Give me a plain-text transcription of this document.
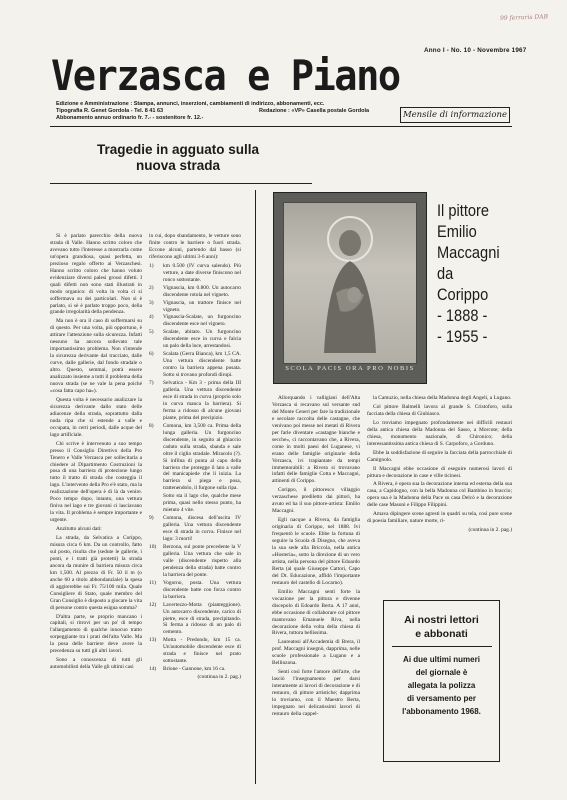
99 ferraris DAB
Anno I - No. 10 - Novembre 1967
Verzasca e Piano
Edizione e Amministrazione : Stampa, annunci, inserzioni, cambiamenti di indirizzo, abbonamenti, ecc.
Tipografia R. Genet Gordola - Tel. 8 41 63	Redazione : «VP» Casella postale Gordola
Abbonamento annuo ordinario fr. 7.- - sostenitore fr. 12.-	Mensile di informazione
Tragedie in agguato sulla
nuova strada

Si è parlato parecchio della nuova strada di Valle. Hanno scritto coloro che avevano tutto l'interesse a mostrarla come un'opera grandiosa, quasi perfetta, un prezioso regalo offerto ai Verzaschesi. Hanno scritto coloro che hanno voluto evidenziare diversi palesi grossi difetti. I quali difetti non sono stati illustrati in modo organico: di volta in volta ci si soffermava su dei particolari. Non si è parlato, si sè è parlato troppo poco, della grande irregolarità della pendenza.

Ma non è ora il caso di soffermarsi su di questo. Per una volta, più opportuno, è attirare l'attenzione sulla sicurezza. Infatti nessuno ha ancora sollevato tale importantissimo problema. Non s'intende la sicurezza derivante dal tracciato, dalle curve, dalle gallerie, dal fondo stradale o altro. Questo, semmai, potrà essere analizzato insieme a tutti il problema della nuova strada (se ne vale la pena poiché «cosa fatta capo ha»).

Questa volta è necessario analizzare la sicurezza derivante dallo stato delle adiacenze della strada, soprattutto dalla nuda ripa che si estende a valle e occupata, in certi periodi, dalle acque del lago artificiale.

Chi scrive è intervenuto a suo tempo presso il Consiglio Direttivo della Pro Tenero e Valle Verzasca per sollecitarla a chiedere al Dipartimento Costruzioni la posa di una barriera di protezione lungo tutto il tratto di strada che costeggia il lago. L'intervento della Pro e'è stato, ma la realizzazione dell'opera è di là da venire. Poco tempo dopo, intanto, una vettura finiva nel lago e tre giovani ci lasciavano la vita. Il problema è sempre importante e urgente.

Anzitutto alcuni dati:

La strada, da Selvatica a Corippo, misura circa 6 km. Da un controllo, fatto sul posto, risulta che (sedute le gallerie, i ponti, e i tratti già protetti) la strada ancora da munire di barriera misura circa km 1,500. Al prezzo di Fr. 50 il m (o anche 60 a titolo abbondanziale) la spesa di aggirerebbe sui Fr. 75/100 mila. Quale Consigliere di Stato, quale membro del Gran Consiglio è disposto a giocare la vita di persone contro questa esigua somma?

D'altra parte, se proprio mancano i capitali, si ritrovi per un po' di tempo l'allargamento di qualche innocuo tratto sorpeggiante tra i prati dell'alta Valle. Ma la posa delle barriere deve avere la precedenza su tutti gli altri lavori.

Sono a conoscenza di tutti gli automobilisti della Valle gli ultimi casi

in cui, dopo sbandamento, le vetture sono finite contro le barriere o fuori strada. Eccone alcuni, partendo dal basso (si riferiscono agli ultimi 3-6 anni):

1) km 0.500 (IV curva salendo). Più vetture, a date diverse finiscono nel ronco sottostante.
2) Vignascia, km 0.800. Un autocarro discendente rotola nel vigneto.
3) Vignascia, un trattore finisce nel vigneto.
4) Vignascia-Scalate, un furgoncino discendente esce nel vigneto.
5) Scalate, abitato. Un furgoncino discendente esce in curva e falcia un palo della luce, arrestandosi.
6) Scalata (Gerra Bianca), km 1,5 CA. Una vettura discendente batte contro la barriera appena posata. Sotto si trovano profondi dirupi.
7) Selvatica - Km 3 - prima della III galleria. Una vettura discendente esce di strada in curva (proprio solo in curva manca la barriera). Si ferma a ridosso di alcune giovani piante, prima del precipizio.
8) Comona, km 3,500 ca. Prima della lunga galleria. Un furgoncino discendente, in seguito al ghiaccio caduto sulla strada, sbanda e sale oltre il ciglio stradale. Miracolo (?). Si infilna di punta al capo della barriera che protegge il lato a valle del manicapiede che li inizia. La barriera si piega e posa, trattenendolo, il furgone sulla ripa.
Sotto sta il lago che, qualche mese prima, quasi nello stesso punto, ha mietuto 4 vite.
9) Comona, discesa dell'uscita IV galleria. Una vettura discendente esce di strada in curva. Finisce nel lago: 3 morti!
10) Berzona, sul ponte precedente la V galleria. Una vettura che sale in valle (discendente rispetto alla pendenza della strada) batte contro la barriera del ponte.
11) Vogorno, posta. Una vettura discendente batte con forza contro la barriera.
12) Lavertezzo-Motta (pianteggione). Un autocarro discendente, carico di pietre, esce di strada, precipitando. Si ferma a ridosso di un palo di cemento.
13) Motta - Predondo, km 15 ca. Un'automobile discendente esce di strada e finisce nel prato sottostante.
14) Brione - Gannone, km 16 ca.
(continua in 2. pag.)
SCOLA PACIS ORA PRO NOBIS
Il pittore
Emilio
Maccagni
da
Corippo
- 1888 -
- 1955 -

Allorquando i valligiani dell'Alta Verzasca si recavano sul versante sud del Monte Ceneri per fare la tradizionale e secolare raccolta delle castagne, che venivano poi messe nei metati di Rivera per farle diventare «castagne bianche e secche», ci raccontavano che, a Rivera, come in molti paesi del Luganese, vi erano delle famiglie originarie della Verzasca, ivi trapiantate da tempi immemorabili: a Rivera si trovavano infatti delle famiglie Cotta e Maccagni, attinenti di Corippo.

Corippo, il pittoresco villaggio verzaschese prediletto dai pittori, ha avuto ed ha il suo pittore-artista: Emilio Maccagni.

Egli nacque a Rivera, da famiglia originaria di Corippo, nel 1888. Ivi frequentò le scuole. Ebbe la fortuna di seguire la Scuola di Disegno, che aveva la sua sede alla Briccola, nella antica «Hosteria», sotto la direzione di un vero artista, nella persona del pittore Edoardo Berta (al quale Giuseppe Cattori, Capo del Dt. Educazione, affidò l'importante restauro del castello di Locarno).

Emilio Maccagni sentì forte la vocazione per la pittura e divenne discepolo di Edoardo Berta. A 17 anni, ebbe occasione di collaborare col pittore mantovano Emanuele Riva, nella decorazione della volta della chiesa di Rivera, tuttora bellissima.

Laureatosi all'Accademia di Brera, il prof. Maccagni insegnò, dapprima, nelle scuole professionale a Lugano e a Bellinzona.

Senti così forte l'amore dell'arte, che lasciò l'insegnamento per darsi interamente ai lavori di decorazione e di restauro, di pitture artistiche; dapprima lo troviamo, con il Maestro Berta, impegnato nei delicatissimi lavori di restauro della cappel-

la Camuzio, nella chiesa della Madonna degli Angeli, a Lugano.

Col pittore Balmelli lavora al grande S. Cristoforo, sulla facciata della chiesa di Giubiasco.

Lo troviamo impegnato profondamente nei difficili restauri della antica chiesa della Madonna del Sasso, a Morcote; della chiesa, monumento nazionale, di Chironico; della interessantissima antica chiesa di S. Carpoforo, a Gorduno.

Ebbe la soddisfazione di seguire la facciata della parrocchiale di Camignolo.

Il Maccagni ebbe occasione di eseguire numerosi lavori di pittura e decorazione in case e ville ticinesi.

A Rivera, è opera sua la decorazione interna ed esterna della sua casa, a Capidogno, con la bella Madonna col Bambino in braccio; opera sua è la Madonna della Pace su casa Delcò e la decorazione delle case Masoni e Filippo Filippini.

Amava dipingere scene agresti in quadri su tela, così pure scene di poesia familiare, nature morte, ri-

(continua in 2. pag.)
Ai nostri lettori
e abbonati
Ai due ultimi numeri
del giornale è
allegata la polizza
di versamento per
l'abbonamento 1968.
